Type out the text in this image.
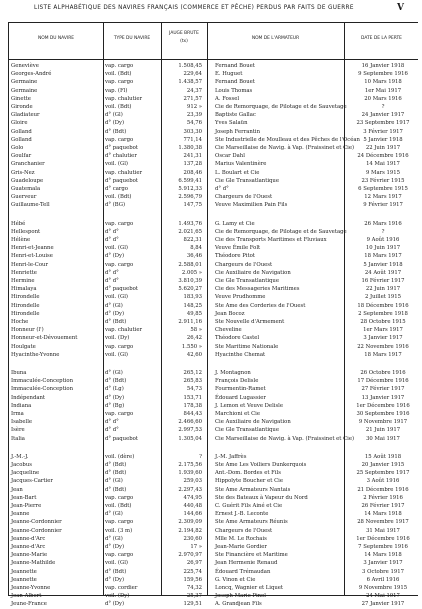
LISTE ALPHABÉTIQUE DES NAVIRES FRANÇAIS (COMMERCE ET PÊCHE) PERDUS PAR FAITS DE GUERRE	V
NOM DU NAVIRE	TYPE DU NAVIRE
JAUGE BRUTE
(tx)
NOM DE L'ARMATEUR	DATE DE LA PERTE
Geneviève	vap. cargo	1.508,45 Fernand Bouet	16 Janvier 1918
Georges-André	voil. (Bdt)	229,64 E. Huguet	9 Septembre 1916
Germaine	vap. cargo	1.438,57 Fernand Bouet	10 Mars 1918
Germaine	vap. (Fl)	24,37 Louis Thomas	1er Mai 1917
Ginette	vap. chalutier	271,57 A. Fossel	20 Mars 1916
Gironde	voil. (Bdt)	912 » Cie de Remorquage, de Pilotage et de Sauvetage	?
Gladiateur	d° (Gl)	23,39 Baptiste Gallac	24 Janvier 1917
Gloire	d° (Dy)	54,76 Yves Salaün	23 Septembre 1917
Golland	d° (Bdt)	303,30 Joseph Ferrantin	3 Février 1917
Golland	vap. cargo	771,14 Ste Industrielle de Moulleau et des Pêches de l'Océan 5 Janvier 1918
Golo	d° paquebot	1.380,38 Cie Marseillaise de Navig. à Vap. (Fraissinet et Cie)	22 Juin 1917
Goulfar	d° chalutier	241,31 Oscar Dahl	24 Décembre 1916
Granchanier	voil. (Gl)	137,28 Marius Valentinère	14 Mai 1917
Gris-Nez	vap. chalutier	208,46 L. Boulart et Cie	9 Mars 1915
Guadeloupe	d° paquebot	6.599,41 Cie Gle Transatlantique	23 Février 1915
Guatemala	d° cargo	5.912,33 d° d°	6 Septembre 1915
Guerveur	voil. (Bdt)	2.596,79 Chargeurs de l'Ouest	12 Mars 1917
Guillaume-Tell	d° (BG)	147,75 Veuve Maximilien Pain Fils	9 Février 1917
Hébé	vap. cargo	1.493,76 G. Lamy et Cie	26 Mars 1916
Hellespont	d° d°	2.021,65 Cie de Remorquage, de Pilotage et de Sauvetage	?
Hélène	d° d°	822,31 Cie des Transports Maritimes et Fluviaux	9 Août 1916
Henri-et-Jeanne	voil. (Gl)	8,84 Veuve Émile Folt	10 Juin 1917
Henri-et-Louise	d° (Dy)	36,46 Théodore Pitot	18 Mars 1917
Henri-le-Cour	vap. cargo	2.588,01 Chargeurs de l'Ouest	5 Janvier 1918
Henriette	d° d°	2.005 » Cie Auxiliaire de Navigation	24 Août 1917
Hermine	d° d°	3.810,39 Cie Gle Transatlantique	16 Février 1917
Himalaya	d° paquebot	5.620,27 Cie des Messageries Maritimes	22 Juin 1917
Hirondelle	voil. (Gl)	183,93 Veuve Prudhomme	2 Juillet 1915
Hirondelle	d° (Gl)	148,25 Ste Ame des Corderies de l'Ouest	18 Décembre 1916
Hirondelle	d° (Dy)	49,85 Jean Bocoz	2 Septembre 1918
Hoche	d° (Bdt)	2.911,16 Ste Nouvelle d'Armement	28 Octobre 1915
Honneur (l')	vap. chalutier	58 » Cheveline	1er Mars 1917
Honneur-et-Dévouement	voil. (Dy)	26,42 Théodore Castel	3 Janvier 1917
Houlgate	vap. cargo	1.550 » Ste Maritime Nationale	22 Novembre 1916
Hyacinthe-Yvonne	voil. (Gl)	42,60 Hyacinthe Chemat	18 Mars 1917
Ibuna	d° (Gl)	265,12 J. Montagnon	26 Octobre 1916
Immaculée-Conception	d° (Bdt)	265,83 François Delisle	17 Décembre 1916
Immaculée-Conception	d° (Lg)	54,73 Fourmentin-Ramet	27 Février 1917
Indépendant	d° (Dy)	153,71 Édouard Lugassier	13 Janvier 1917
Indiana	d° (Bg)	178,38 J. Lemon et Veuve Delisle	1er Décembre 1916
Irma	vap. cargo	844,43 Marchioni et Cie	30 Septembre 1916
Isabelle	d° d°	2.466,60 Cie Auxiliaire de Navigation	9 Novembre 1917
Isère	d° d°	2.997,53 Cie Gle Transatlantique	21 Juin 1917
Italia	d° paquebot	1.305,04 Cie Marseillaise de Navig. à Vap. (Fraissinet et Cie)	30 Mai 1917
J.-M.-J.	voil. (dère)	? J.-M. Jaffrès	15 Août 1918
Jacobus	d° (Bdt)	2.175,56 Ste Ame Les Voiliers Dunkerquois	20 Janvier 1915
Jacqueline	d° (Bdt)	1.939,60 Ant.-Dom. Bordes et Fils	25 Septembre 1917
Jacques-Cartier	d° (Gl)	259,03 Hippolyte Boucher et Cie	3 Août 1916
Jean	d° (Bdt)	2.297,43 Ste Ame Armateurs Nantais	21 Décembre 1916
Jean-Bart	vap. cargo	474,95 Ste des Bateaux à Vapeur du Nord	2 Février 1916
Jean-Pierre	voil. (Bdt)	440,48 C. Guérit Fils Ainé et Cie	26 Février 1917
Jeanne	d° (Gl)	144,66 Ernest J.-B. Leconte	14 Mars 1918
Jeanne-Cordonnier	vap. cargo	2.309,09 Ste Ame Armateurs Réunis	28 Novembre 1917
Jeanne-Cordonnier	voil. (3 m)	2.194,82 Chargeurs de l'Ouest	31 Mai 1917
Jeanne-d'Arc	d° (Gl)	230,60 Mlle M. Le Rochais	1er Décembre 1916
Jeanne-d'Arc	d° (Dy)	17 » Jean-Marie Gordier	7 Septembre 1916
Jeanne-Marie	vap. cargo	2.970,97 Ste Financière et Maritime	14 Mars 1918
Jeanne-Mathilde	voil. (Gl)	26,97 Jean Hermenie Renaud	3 Janvier 1917
Jeannette	d° (Bdt)	225,74 Édouard Trémaudan	3 Octobre 1917
Jeannette	d° (Dy)	159,56 G. Vinon et Cie	6 Avril 1916
Jeanne-Yvonne	vap. cordier	74,32 Loncq, Wagnier et Liquet	9 Novembre 1915
Jean-Albert	voil. (Dy)	25,37 Joseph-Marie Pinol	24 Mai 1917
Jeune-France	d° (Dy)	129,51 A. Grandjean Fils	27 Janvier 1917
